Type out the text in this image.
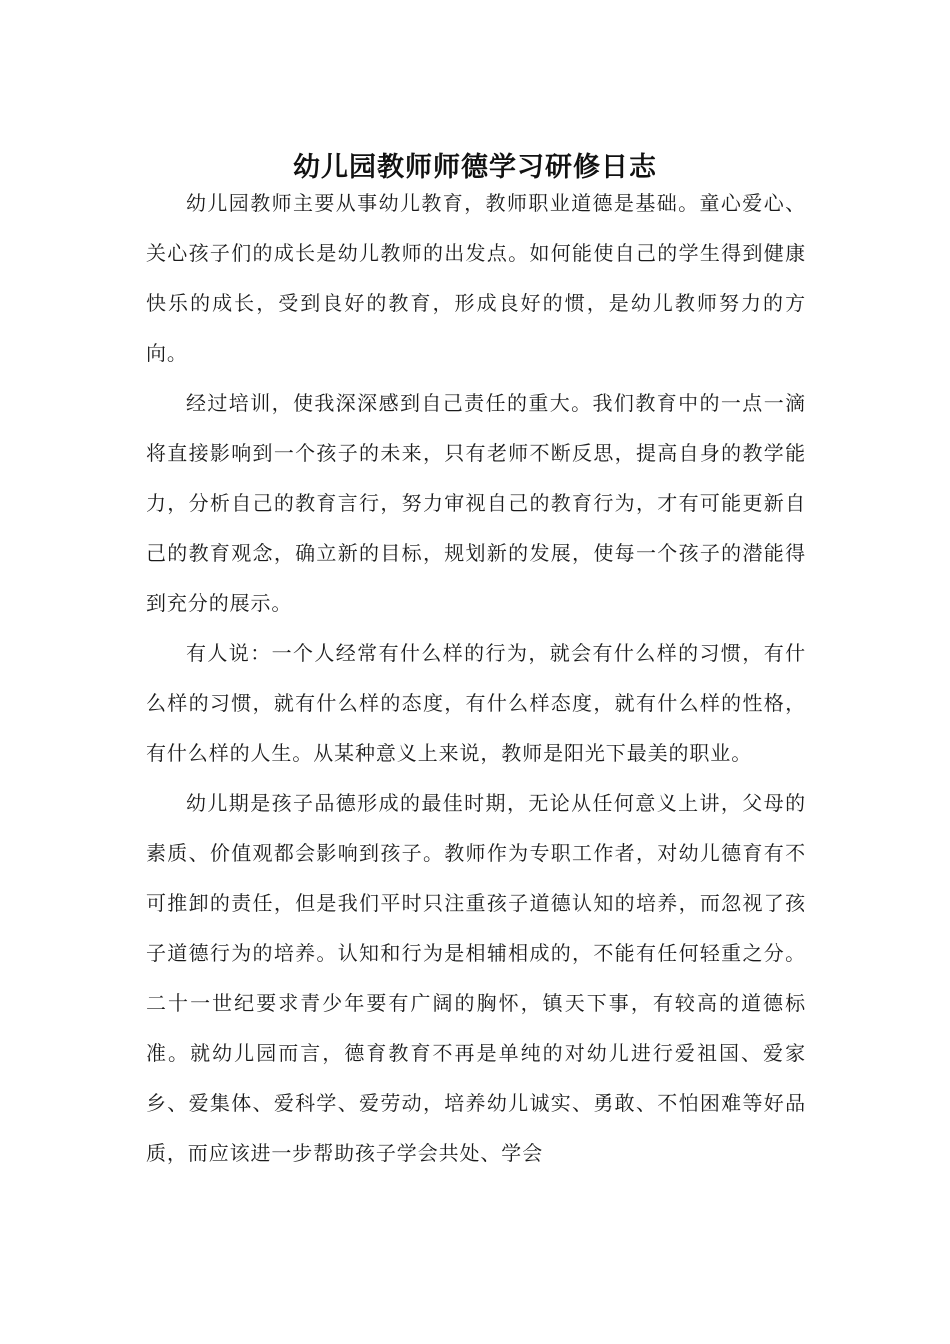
幼儿园教师师德学习研修日志

幼儿园教师主要从事幼儿教育，教师职业道德是基础。童心爱心、关心孩子们的成长是幼儿教师的出发点。如何能使自己的学生得到健康快乐的成长，受到良好的教育，形成良好的惯，是幼儿教师努力的方向。

经过培训，使我深深感到自己责任的重大。我们教育中的一点一滴将直接影响到一个孩子的未来，只有老师不断反思，提高自身的教学能力，分析自己的教育言行，努力审视自己的教育行为，才有可能更新自己的教育观念，确立新的目标，规划新的发展，使每一个孩子的潜能得到充分的展示。

有人说：一个人经常有什么样的行为，就会有什么样的习惯，有什么样的习惯，就有什么样的态度，有什么样态度，就有什么样的性格，有什么样的人生。从某种意义上来说，教师是阳光下最美的职业。

幼儿期是孩子品德形成的最佳时期，无论从任何意义上讲，父母的素质、价值观都会影响到孩子。教师作为专职工作者，对幼儿德育有不可推卸的责任，但是我们平时只注重孩子道德认知的培养，而忽视了孩子道德行为的培养。认知和行为是相辅相成的，不能有任何轻重之分。二十一世纪要求青少年要有广阔的胸怀，镇天下事，有较高的道德标准。就幼儿园而言，德育教育不再是单纯的对幼儿进行爱祖国、爱家乡、爱集体、爱科学、爱劳动，培养幼儿诚实、勇敢、不怕困难等好品质，而应该进一步帮助孩子学会共处、学会
